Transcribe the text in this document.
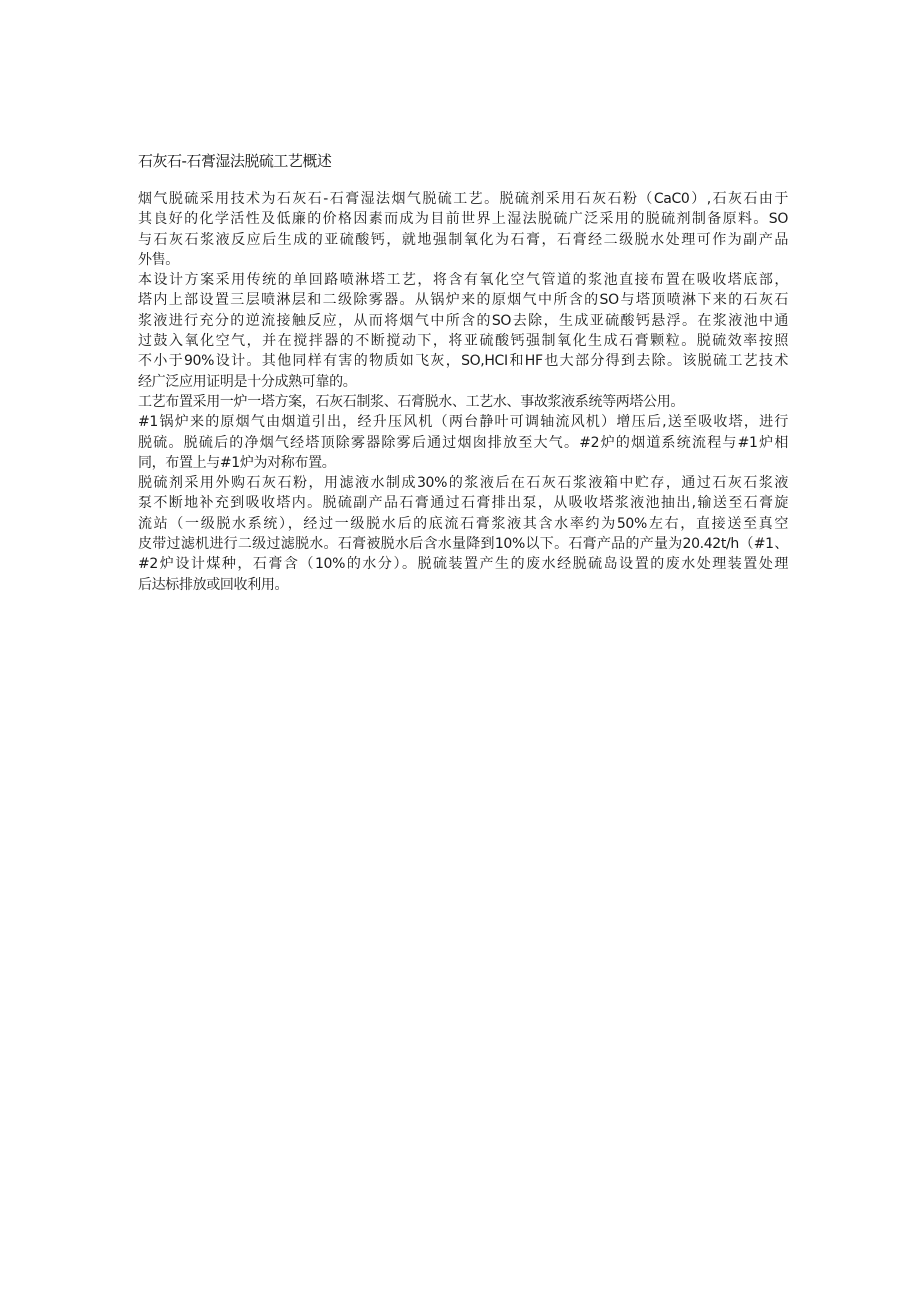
石灰石-石膏湿法脱硫工艺概述
烟气脱硫采用技术为石灰石-石膏湿法烟气脱硫工艺。脱硫剂采用石灰石粉（CaC0）,石灰石由于
其良好的化学活性及低廉的价格因素而成为目前世界上湿法脱硫广泛采用的脱硫剂制备原料。SO
与石灰石浆液反应后生成的亚硫酸钙，就地强制氧化为石膏，石膏经二级脱水处理可作为副产品
外售。
本设计方案采用传统的单回路喷淋塔工艺，将含有氧化空气管道的浆池直接布置在吸收塔底部，
塔内上部设置三层喷淋层和二级除雾器。从锅炉来的原烟气中所含的SO与塔顶喷淋下来的石灰石
浆液进行充分的逆流接触反应，从而将烟气中所含的SO去除，生成亚硫酸钙悬浮。在浆液池中通
过鼓入氧化空气，并在搅拌器的不断搅动下，将亚硫酸钙强制氧化生成石膏颗粒。脱硫效率按照
不小于90%设计。其他同样有害的物质如飞灰，SO,HCI和HF也大部分得到去除。该脱硫工艺技术
经广泛应用证明是十分成熟可靠的。
工艺布置采用一炉一塔方案，石灰石制浆、石膏脱水、工艺水、事故浆液系统等两塔公用。
#1锅炉来的原烟气由烟道引出，经升压风机（两台静叶可调轴流风机）增压后,送至吸收塔，进行
脱硫。脱硫后的净烟气经塔顶除雾器除雾后通过烟囱排放至大气。#2炉的烟道系统流程与#1炉相
同，布置上与#1炉为对称布置。
脱硫剂采用外购石灰石粉，用滤液水制成30%的浆液后在石灰石浆液箱中贮存，通过石灰石浆液
泵不断地补充到吸收塔内。脱硫副产品石膏通过石膏排出泵，从吸收塔浆液池抽出,输送至石膏旋
流站（一级脱水系统），经过一级脱水后的底流石膏浆液其含水率约为50%左右，直接送至真空
皮带过滤机进行二级过滤脱水。石膏被脱水后含水量降到10%以下。石膏产品的产量为20.42t/h（#1、
#2炉设计煤种，石膏含（10%的水分）。脱硫装置产生的废水经脱硫岛设置的废水处理装置处理
后达标排放或回收利用。
